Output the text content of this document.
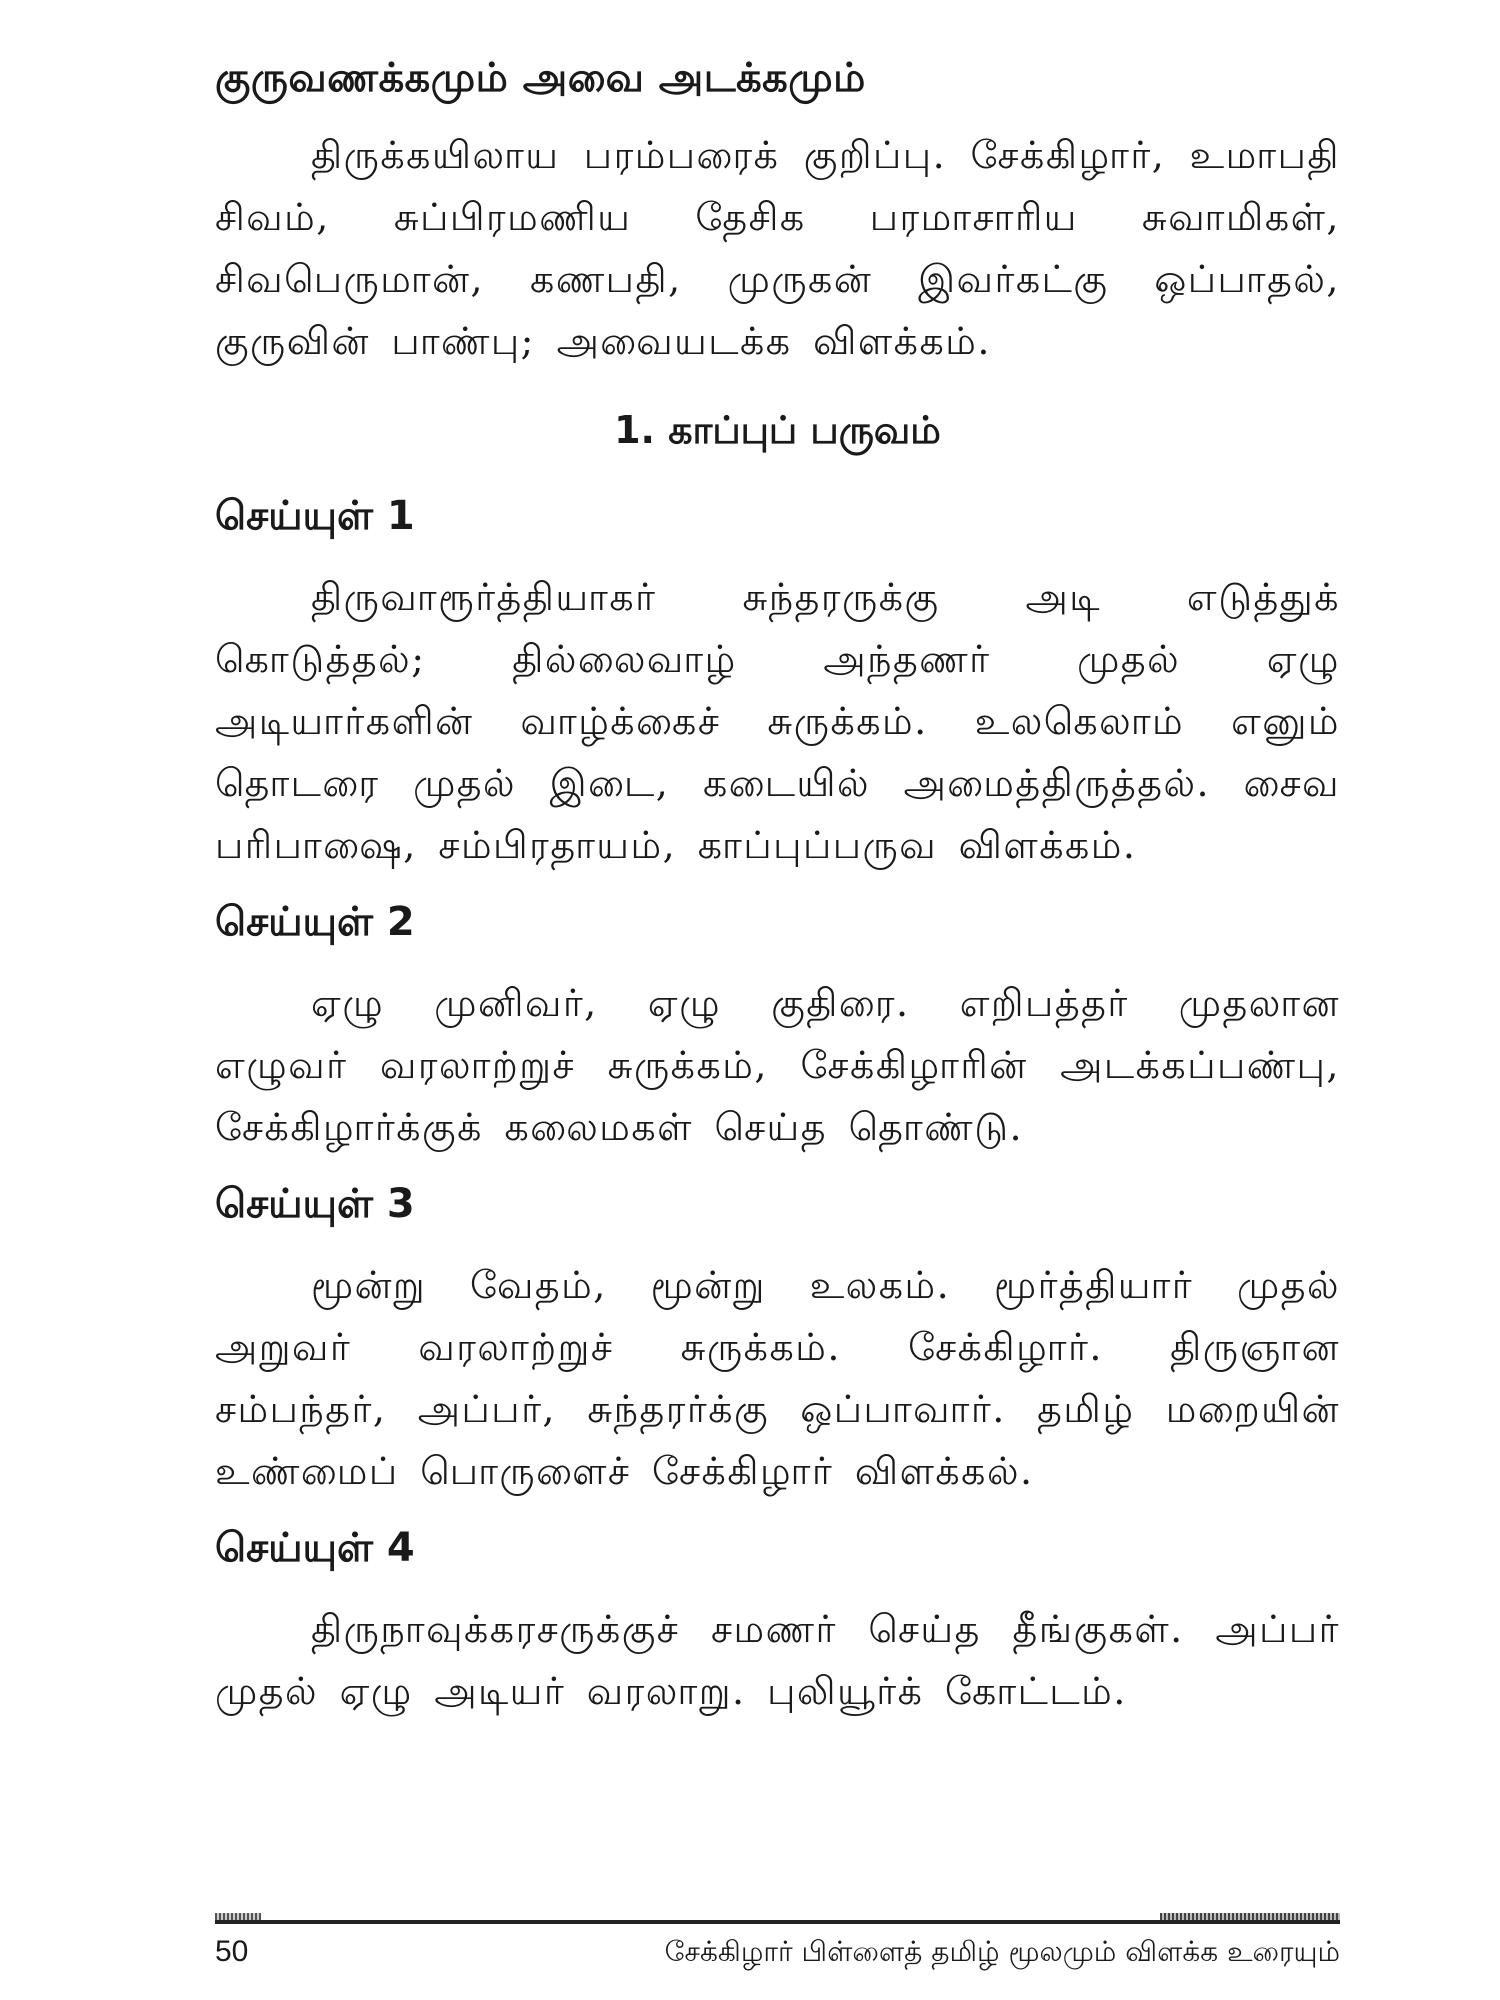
குருவணக்கமும் அவை அடக்கமும்

திருக்கயிலாய பரம்பரைக் குறிப்பு. சேக்கிழார், உமாபதி சிவம், சுப்பிரமணிய தேசிக பரமாசாரிய சுவாமிகள், சிவபெருமான், கணபதி, முருகன் இவர்கட்கு ஒப்பாதல், குருவின் பாண்பு; அவையடக்க விளக்கம்.

1. காப்புப் பருவம்
செய்யுள் 1

திருவாரூர்த்தியாகர் சுந்தரருக்கு அடி எடுத்துக் கொடுத்தல்; தில்லைவாழ் அந்தணர் முதல் ஏழு அடியார்களின் வாழ்க்கைச் சுருக்கம். உலகெலாம் எனும் தொடரை முதல் இடை, கடையில் அமைத்திருத்தல். சைவ பரிபாஷை, சம்பிரதாயம், காப்புப்பருவ விளக்கம்.

செய்யுள் 2

ஏழு முனிவர், ஏழு குதிரை. எறிபத்தர் முதலான எழுவர் வரலாற்றுச் சுருக்கம், சேக்கிழாரின் அடக்கப்பண்பு, சேக்கிழார்க்குக் கலைமகள் செய்த தொண்டு.

செய்யுள் 3

மூன்று வேதம், மூன்று உலகம். மூர்த்தியார் முதல் அறுவர் வரலாற்றுச் சுருக்கம். சேக்கிழார். திருஞான சம்பந்தர், அப்பர், சுந்தரர்க்கு ஒப்பாவார். தமிழ் மறையின் உண்மைப் பொருளைச் சேக்கிழார் விளக்கல்.

செய்யுள் 4

திருநாவுக்கரசருக்குச் சமணர் செய்த தீங்குகள். அப்பர் முதல் ஏழு அடியர் வரலாறு. புலியூர்க் கோட்டம்.

50	சேக்கிழார் பிள்ளைத் தமிழ் மூலமும் விளக்க உரையும்
